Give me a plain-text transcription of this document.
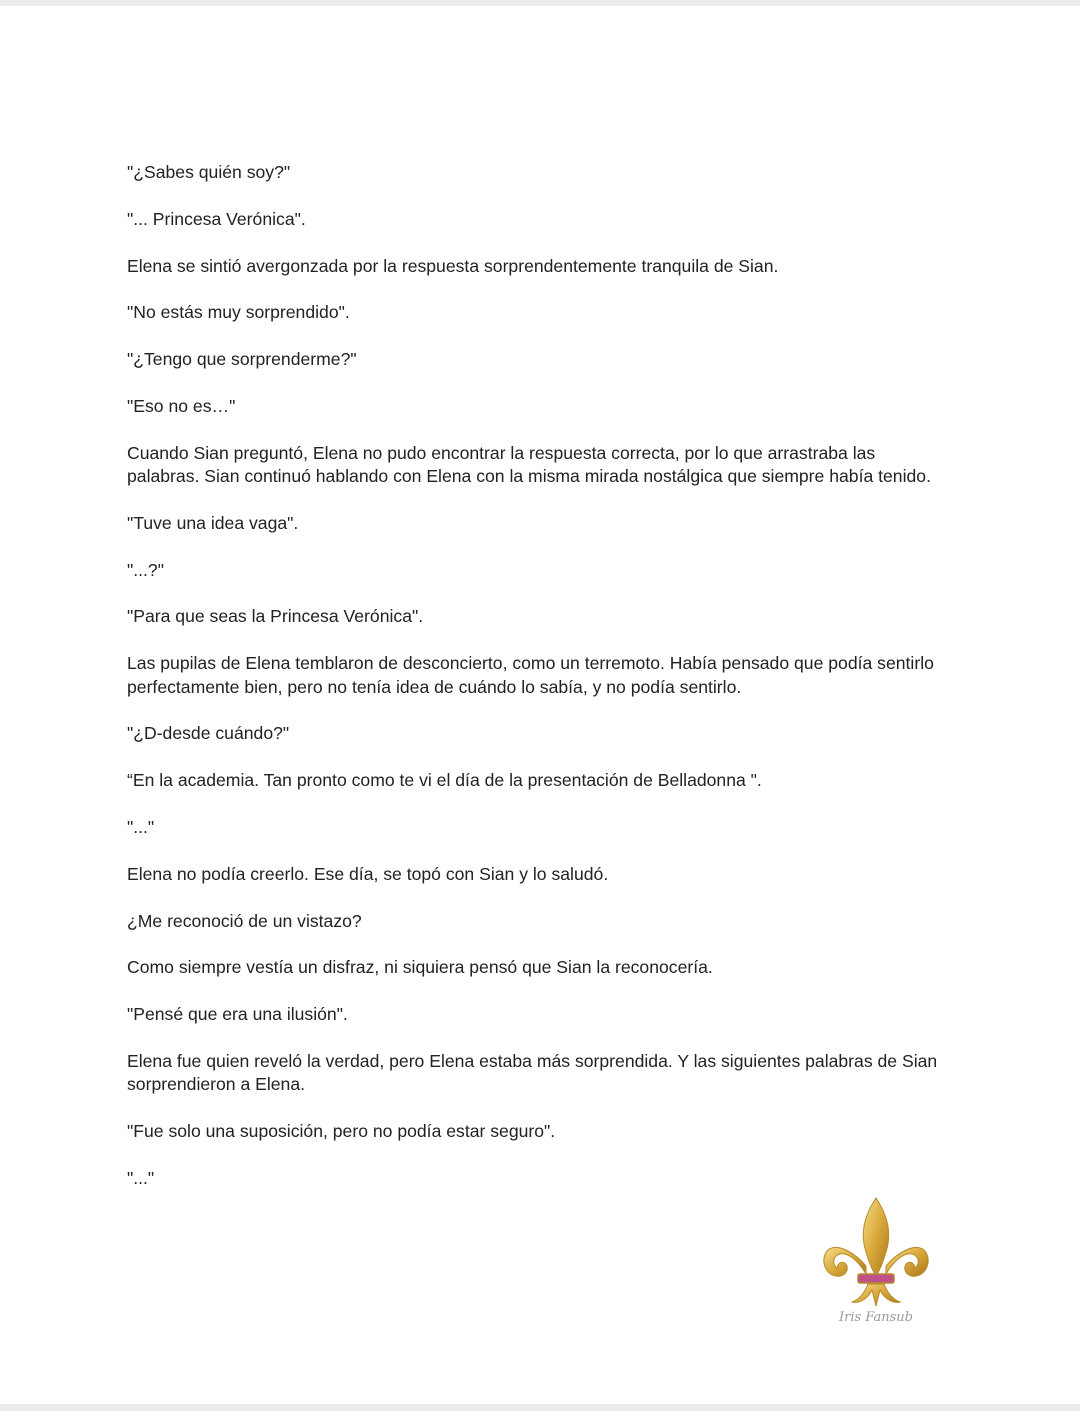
"¿Sabes quién soy?"

"... Princesa Verónica".

Elena se sintió avergonzada por la respuesta sorprendentemente tranquila de Sian.

"No estás muy sorprendido".

"¿Tengo que sorprenderme?"

"Eso no es…"

Cuando Sian preguntó, Elena no pudo encontrar la respuesta correcta, por lo que arrastraba las
palabras. Sian continuó hablando con Elena con la misma mirada nostálgica que siempre había tenido.

"Tuve una idea vaga".

"...?"

"Para que seas la Princesa Verónica".

Las pupilas de Elena temblaron de desconcierto, como un terremoto. Había pensado que podía sentirlo
perfectamente bien, pero no tenía idea de cuándo lo sabía, y no podía sentirlo.

"¿D-desde cuándo?"

“En la academia. Tan pronto como te vi el día de la presentación de Belladonna ".

"..."

Elena no podía creerlo. Ese día, se topó con Sian y lo saludó.

¿Me reconoció de un vistazo?

Como siempre vestía un disfraz, ni siquiera pensó que Sian la reconocería.

"Pensé que era una ilusión".

Elena fue quien reveló la verdad, pero Elena estaba más sorprendida. Y las siguientes palabras de Sian
sorprendieron a Elena.

"Fue solo una suposición, pero no podía estar seguro".

"..."

Iris Fansub
